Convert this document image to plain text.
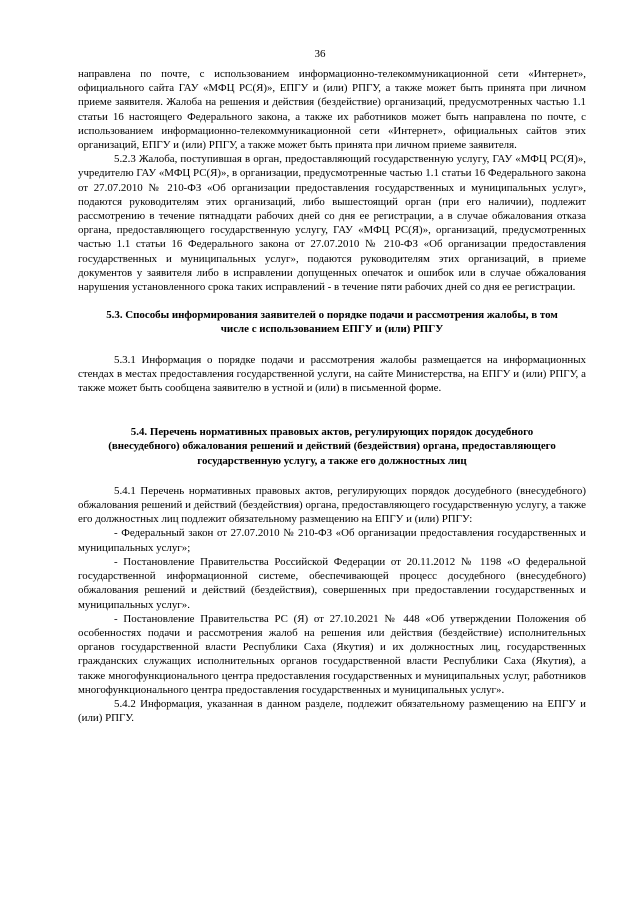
36

направлена по почте, с использованием информационно-телекоммуникационной сети «Интернет», официального сайта ГАУ «МФЦ РС(Я)», ЕПГУ и (или) РПГУ, а также может быть принята при личном приеме заявителя. Жалоба на решения и действия (бездействие) организаций, предусмотренных частью 1.1 статьи 16 настоящего Федерального закона, а также их работников может быть направлена по почте, с использованием информационно-телекоммуникационной сети «Интернет», официальных сайтов этих организаций, ЕПГУ и (или) РПГУ, а также может быть принята при личном приеме заявителя.

5.2.3 Жалоба, поступившая в орган, предоставляющий государственную услугу, ГАУ «МФЦ РС(Я)», учредителю ГАУ «МФЦ РС(Я)», в организации, предусмотренные частью 1.1 статьи 16 Федерального закона от 27.07.2010 № 210-ФЗ «Об организации предоставления государственных и муниципальных услуг», подаются руководителям этих организаций, либо вышестоящий орган (при его наличии), подлежит рассмотрению в течение пятнадцати рабочих дней со дня ее регистрации, а в случае обжалования отказа органа, предоставляющего государственную услугу, ГАУ «МФЦ РС(Я)», организаций, предусмотренных частью 1.1 статьи 16 Федерального закона от 27.07.2010 № 210-ФЗ «Об организации предоставления государственных и муниципальных услуг», подаются руководителям этих организаций, в приеме документов у заявителя либо в исправлении допущенных опечаток и ошибок или в случае обжалования нарушения установленного срока таких исправлений - в течение пяти рабочих дней со дня ее регистрации.

5.3. Способы информирования заявителей о порядке подачи и рассмотрения жалобы, в том числе с использованием ЕПГУ и (или) РПГУ

5.3.1 Информация о порядке подачи и рассмотрения жалобы размещается на информационных стендах в местах предоставления государственной услуги, на сайте Министерства, на ЕПГУ и (или) РПГУ, а также может быть сообщена заявителю в устной и (или) в письменной форме.

5.4. Перечень нормативных правовых актов, регулирующих порядок досудебного (внесудебного) обжалования решений и действий (бездействия) органа, предоставляющего государственную услугу, а также его должностных лиц

5.4.1 Перечень нормативных правовых актов, регулирующих порядок досудебного (внесудебного) обжалования решений и действий (бездействия) органа, предоставляющего государственную услугу, а также его должностных лиц подлежит обязательному размещению на ЕПГУ и (или) РПГУ:

- Федеральный закон от 27.07.2010 № 210-ФЗ «Об организации предоставления государственных и муниципальных услуг»;

- Постановление Правительства Российской Федерации от 20.11.2012 № 1198 «О федеральной государственной информационной системе, обеспечивающей процесс досудебного (внесудебного) обжалования решений и действий (бездействия), совершенных при предоставлении государственных и муниципальных услуг».

- Постановление Правительства РС (Я) от 27.10.2021 № 448 «Об утверждении Положения об особенностях подачи и рассмотрения жалоб на решения или действия (бездействие) исполнительных органов государственной власти Республики Саха (Якутия) и их должностных лиц, государственных гражданских служащих исполнительных органов государственной власти Республики Саха (Якутия), а также многофункционального центра предоставления государственных и муниципальных услуг, работников многофункционального центра предоставления государственных и муниципальных услуг».

5.4.2 Информация, указанная в данном разделе, подлежит обязательному размещению на ЕПГУ и (или) РПГУ.
